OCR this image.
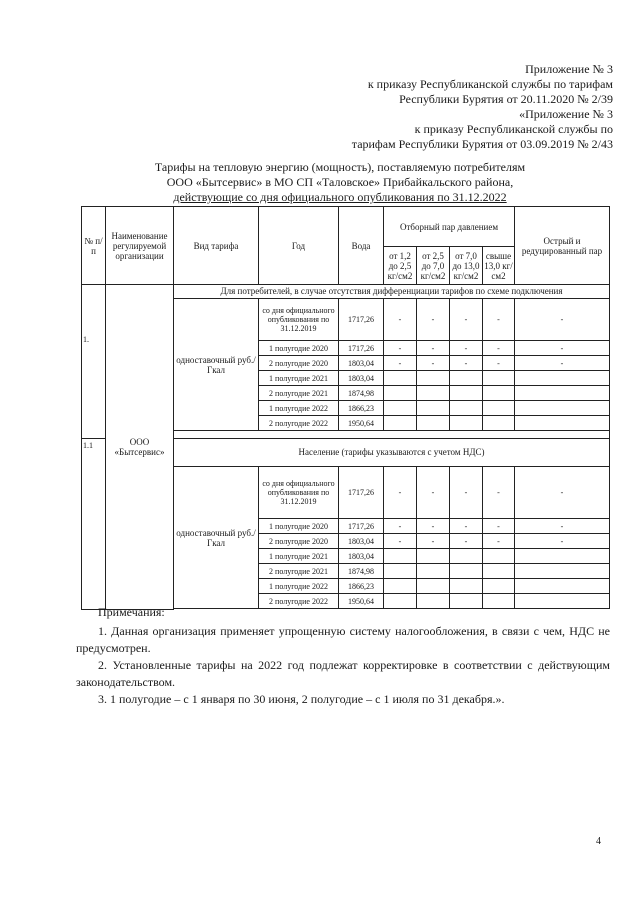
Приложение № 3
к приказу Республиканской службы по тарифам
Республики Бурятия от 20.11.2020 № 2/39
«Приложение № 3
к приказу Республиканской службы по
тарифам Республики Бурятия от 03.09.2019 № 2/43
Тарифы на тепловую энергию (мощность), поставляемую потребителям
ООО «Бытсервис» в МО СП «Таловское» Прибайкальского района,
действующие со дня официального опубликования по 31.12.2022
№ п/п	Наименование регулируемой организации	Вид тарифа	Год	Вода	Отборный пар давлением				Острый и редуцированный пар
					от 1,2 до 2,5 кг/см2	от 2,5 до 7,0 кг/см2	от 7,0 до 13,0 кг/см2	свыше 13,0 кг/см2	
1.	ООО «Бытсервис»	Для потребителей, в случае отсутствия дифференциации тарифов по схеме подключения							
		одноставочный руб./Гкал	со дня официального опубликования по 31.12.2019	1717,26	-	-	-	-	-
			1 полугодие 2020	1717,26	-	-	-	-	-
			2 полугодие 2020	1803,04	-	-	-	-	-
			1 полугодие 2021	1803,04					
			2 полугодие 2021	1874,98					
			1 полугодие 2022	1866,23					
			2 полугодие 2022	1950,64					

1.1		Население (тарифы указываются с учетом НДС)							
		одноставочный руб./Гкал	со дня официального опубликования по 31.12.2019	1717,26	-	-	-	-	-
			1 полугодие 2020	1717,26	-	-	-	-	-
			2 полугодие 2020	1803,04	-	-	-	-	-
			1 полугодие 2021	1803,04					
			2 полугодие 2021	1874,98					
			1 полугодие 2022	1866,23					
			2 полугодие 2022	1950,64					

Примечания:

1. Данная организация применяет упрощенную систему налогообложения, в связи с чем, НДС не предусмотрен.

2. Установленные тарифы на 2022 год подлежат корректировке в соответствии с действующим законодательством.

3. 1 полугодие – с 1 января по 30 июня, 2 полугодие – с 1 июля по 31 декабря.».

4
